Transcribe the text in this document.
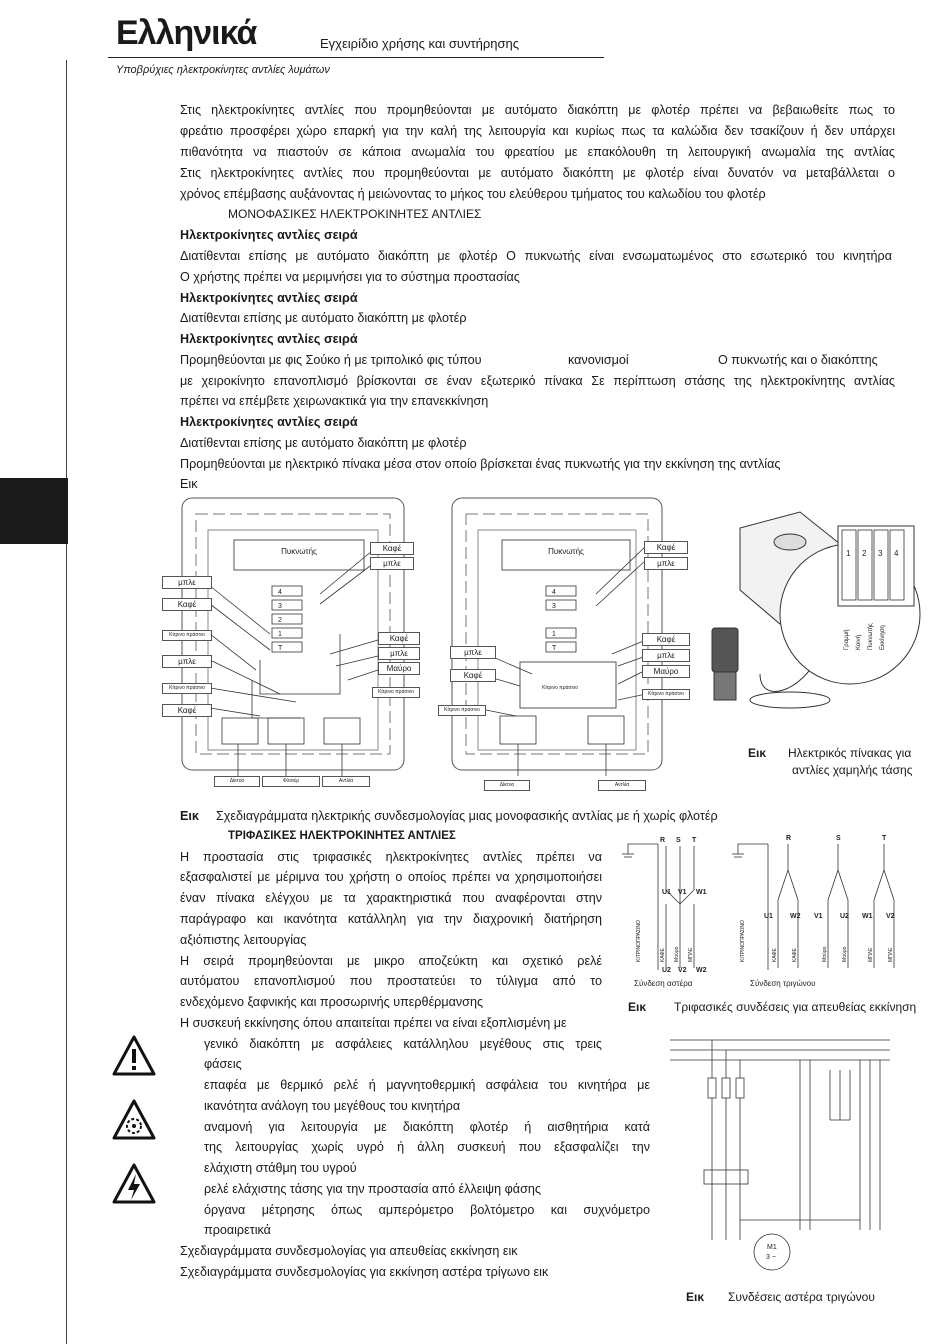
Ελληνικά	Εγχειρίδιο χρήσης και συντήρησης
Υποβρύχιες ηλεκτροκίνητες αντλίες λυμάτων
Στις ηλεκτροκίνητες αντλίες που προμηθεύονται με αυτόματο διακόπτη με φλοτέρ πρέπει να βεβαιωθείτε πως το
φρεάτιο προσφέρει χώρο επαρκή για την καλή της λειτουργία και κυρίως πως τα καλώδια δεν τσακίζουν ή δεν υπάρχει
πιθανότητα να πιαστούν σε κάποια ανωμαλία του φρεατίου με επακόλουθη τη λειτουργική ανωμαλία της αντλίας
Στις ηλεκτροκίνητες αντλίες που προμηθεύονται με αυτόματο διακόπτη με φλοτέρ είναι δυνατόν να μεταβάλλεται ο
χρόνος επέμβασης αυξάνοντας ή μειώνοντας το μήκος του ελεύθερου τμήματος του καλωδίου του φλοτέρ
ΜΟΝΟΦΑΣΙΚΕΣ ΗΛΕΚΤΡΟΚΙΝΗΤΕΣ ΑΝΤΛΙΕΣ
Ηλεκτροκίνητες αντλίες σειρά
Διατίθενται επίσης με αυτόματο διακόπτη με φλοτέρ Ο πυκνωτής είναι ενσωματωμένος στο εσωτερικό του κινητήρα
Ο χρήστης πρέπει να μεριμνήσει για το σύστημα προστασίας
Ηλεκτροκίνητες αντλίες σειρά
Διατίθενται επίσης με αυτόματο διακόπτη με φλοτέρ
Ηλεκτροκίνητες αντλίες σειρά
Προμηθεύονται με φις Σούκο ή με τριπολικό φις τύπου	κανονισμοί	Ο πυκνωτής και ο διακόπτης
με χειροκίνητο επανοπλισμό βρίσκονται σε έναν εξωτερικό πίνακα Σε περίπτωση στάσης της ηλεκτροκίνητης αντλίας
πρέπει να επέμβετε χειρωνακτικά για την επανεκκίνηση
Ηλεκτροκίνητες αντλίες σειρά
Διατίθενται επίσης με αυτόματο διακόπτη με φλοτέρ
Προμηθεύονται με ηλεκτρικό πίνακα μέσα στον οποίο βρίσκεται ένας πυκνωτής για την εκκίνηση της αντλίας
Εικ
4
3
2
1
T
Πυκνωτής	Καφέ
μπλε
μπλε
Καφέ
Κίτρινο πράσινο
μπλε
Κίτρινο πράσινο
Καφέ
Καφέ
μπλε
Μαύρο
Κίτρινο πράσινο
Δίκτυο	Φλοτέρ	Αντλία
4
3
1
T
Πυκνωτής	Καφέ
μπλε
μπλε
Καφέ
Κίτρινο πράσινο
Κίτρινο πράσινο
Καφέ
μπλε
Μαύρο
Κίτρινο πράσινο
Δίκτυο	Αντλία
1 2 3 4
Γραμμή Κοινή Πυκνωτής Εκκίνηση
Εικ Ηλεκτρικός πίνακας για
αντλίες χαμηλής τάσης
Εικ Σχεδιαγράμματα ηλεκτρικής συνδεσμολογίας μιας μονοφασικής αντλίας με ή χωρίς φλοτέρ
ΤΡΙΦΑΣΙΚΕΣ ΗΛΕΚΤΡΟΚΙΝΗΤΕΣ ΑΝΤΛΙΕΣ
Η προστασία στις τριφασικές ηλεκτροκίνητες αντλίες πρέπει να
εξασφαλιστεί με μέριμνα του χρήστη ο οποίος πρέπει να χρησιμοποιήσει
έναν πίνακα ελέγχου με τα χαρακτηριστικά που αναφέρονται στην
παράγραφο και ικανότητα κατάλληλη για την διαχρονική διατήρηση
αξιόπιστης λειτουργίας
Η σειρά προμηθεύονται με μικρο αποζεύκτη και σχετικό ρελέ
αυτόματου επανοπλισμού που προστατεύει το τύλιγμα από το
ενδεχόμενο ξαφνικής και προσωρινής υπερθέρμανσης
Η συσκευή εκκίνησης όπου απαιτείται πρέπει να είναι εξοπλισμένη με
γενικό διακόπτη με ασφάλειες κατάλληλου μεγέθους στις τρεις
φάσεις
επαφέα με θερμικό ρελέ ή μαγνητοθερμική ασφάλεια του κινητήρα με
ικανότητα ανάλογη του μεγέθους του κινητήρα
αναμονή για λειτουργία με διακόπτη φλοτέρ ή αισθητήρια κατά
της λειτουργίας χωρίς υγρό ή άλλη συσκευή που εξασφαλίζει την
ελάχιστη στάθμη του υγρού
ρελέ ελάχιστης τάσης για την προστασία από έλλειψη φάσης
όργανα μέτρησης όπως αμπερόμετρο βολτόμετρο και συχνόμετρο
προαιρετικά
Σχεδιαγράμματα συνδεσμολογίας για απευθείας εκκίνηση εικ
Σχεδιαγράμματα συνδεσμολογίας για εκκίνηση αστέρα τρίγωνο εικ
R S T
U1 V1 W1
U2 V2 W2
R	S	T
U1 W2 V1 U2 W1 V2
ΚΙΤΡΙΝΟΠΡΑΣΙΝΟ	ΚΑΦΕ Μαύρο ΜΠΛΕ	ΚΙΤΡΙΝΟΠΡΑΣΙΝΟ	ΚΑΦΕ	ΚΑΦΕ	Μαύρο	Μαύρο	ΜΠΛΕ	ΜΠΛΕ
Σύνδεση αστέρα	Σύνδεση τριγώνου
Εικ Τριφασικές συνδέσεις για απευθείας εκκίνηση
M1
3 ~
Εικ Συνδέσεις αστέρα τριγώνου
